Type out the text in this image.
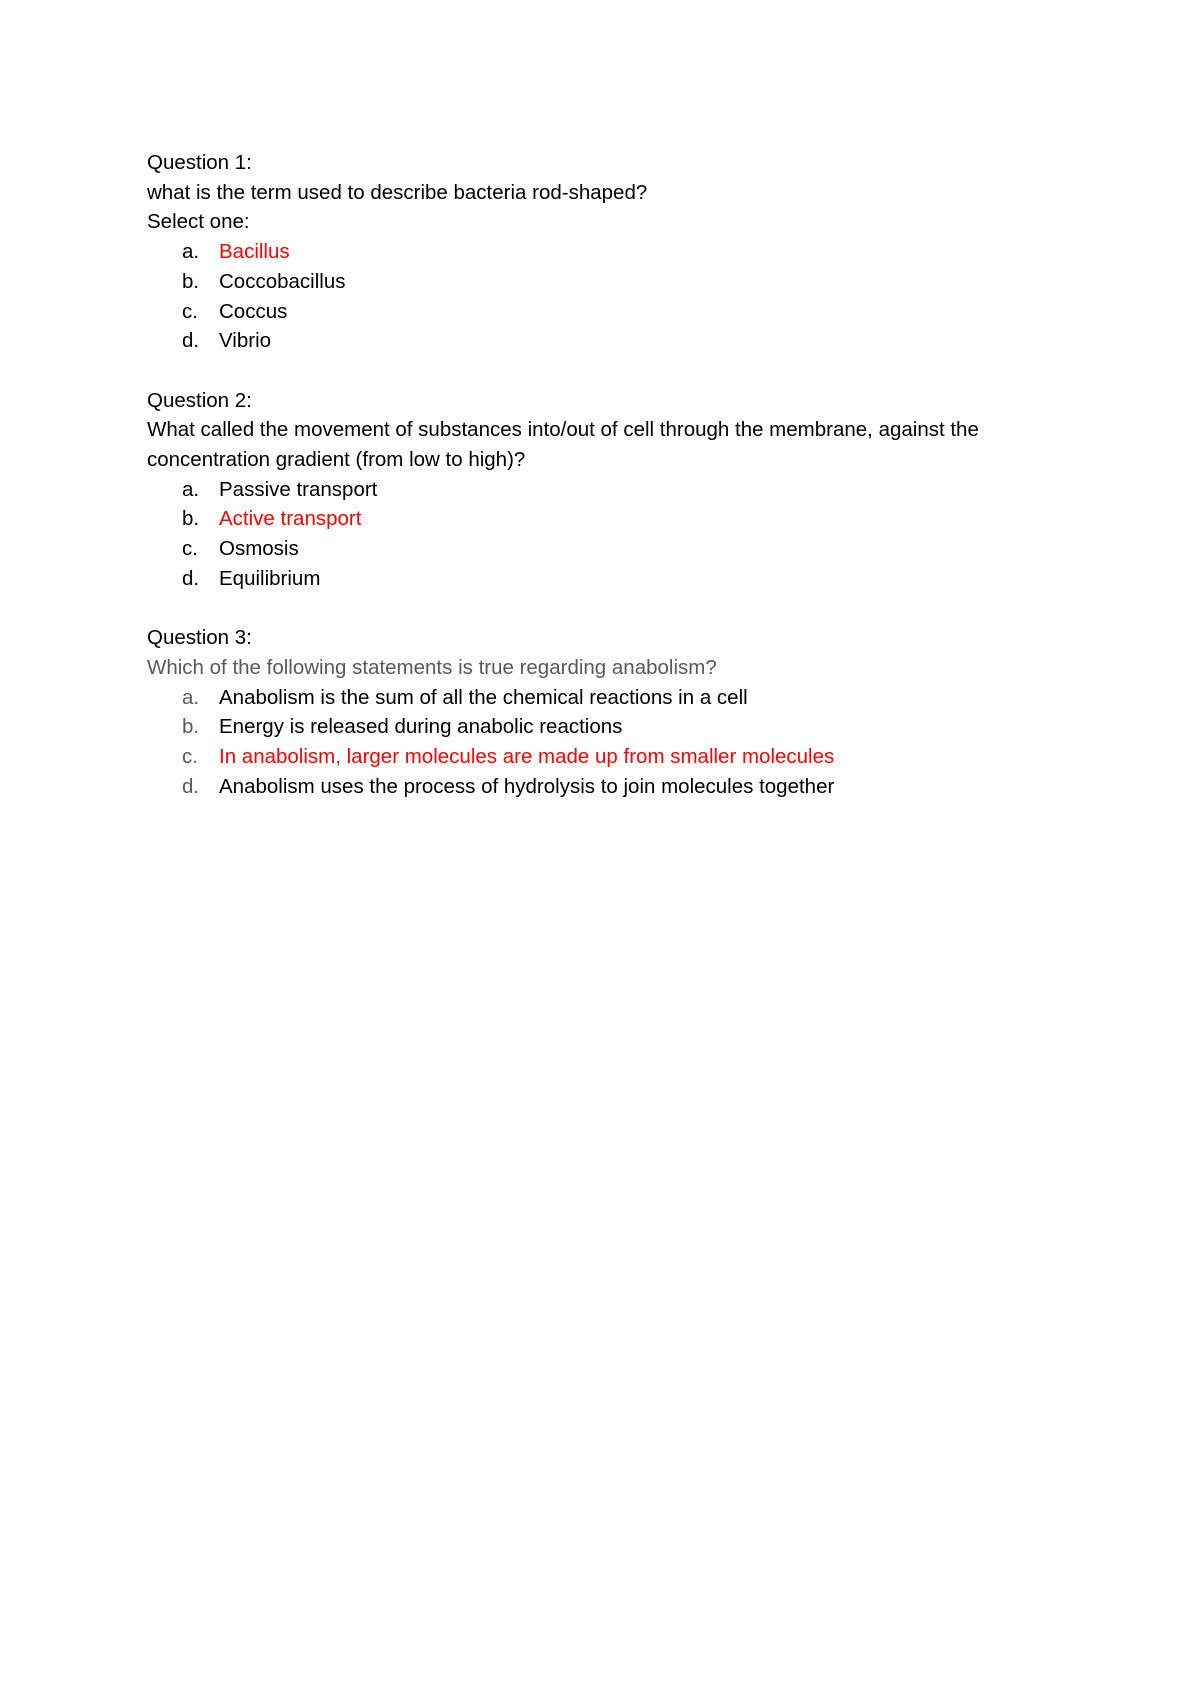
Question 1:

what is the term used to describe bacteria rod-shaped?

Select one:

a. Bacillus
b. Coccobacillus
c. Coccus
d. Vibrio

Question 2:

What called the movement of substances into/out of cell through the membrane, against the concentration gradient (from low to high)?

a. Passive transport
b. Active transport
c. Osmosis
d. Equilibrium

Question 3:

Which of the following statements is true regarding anabolism?

a. Anabolism is the sum of all the chemical reactions in a cell
b. Energy is released during anabolic reactions
c. In anabolism, larger molecules are made up from smaller molecules
d. Anabolism uses the process of hydrolysis to join molecules together
